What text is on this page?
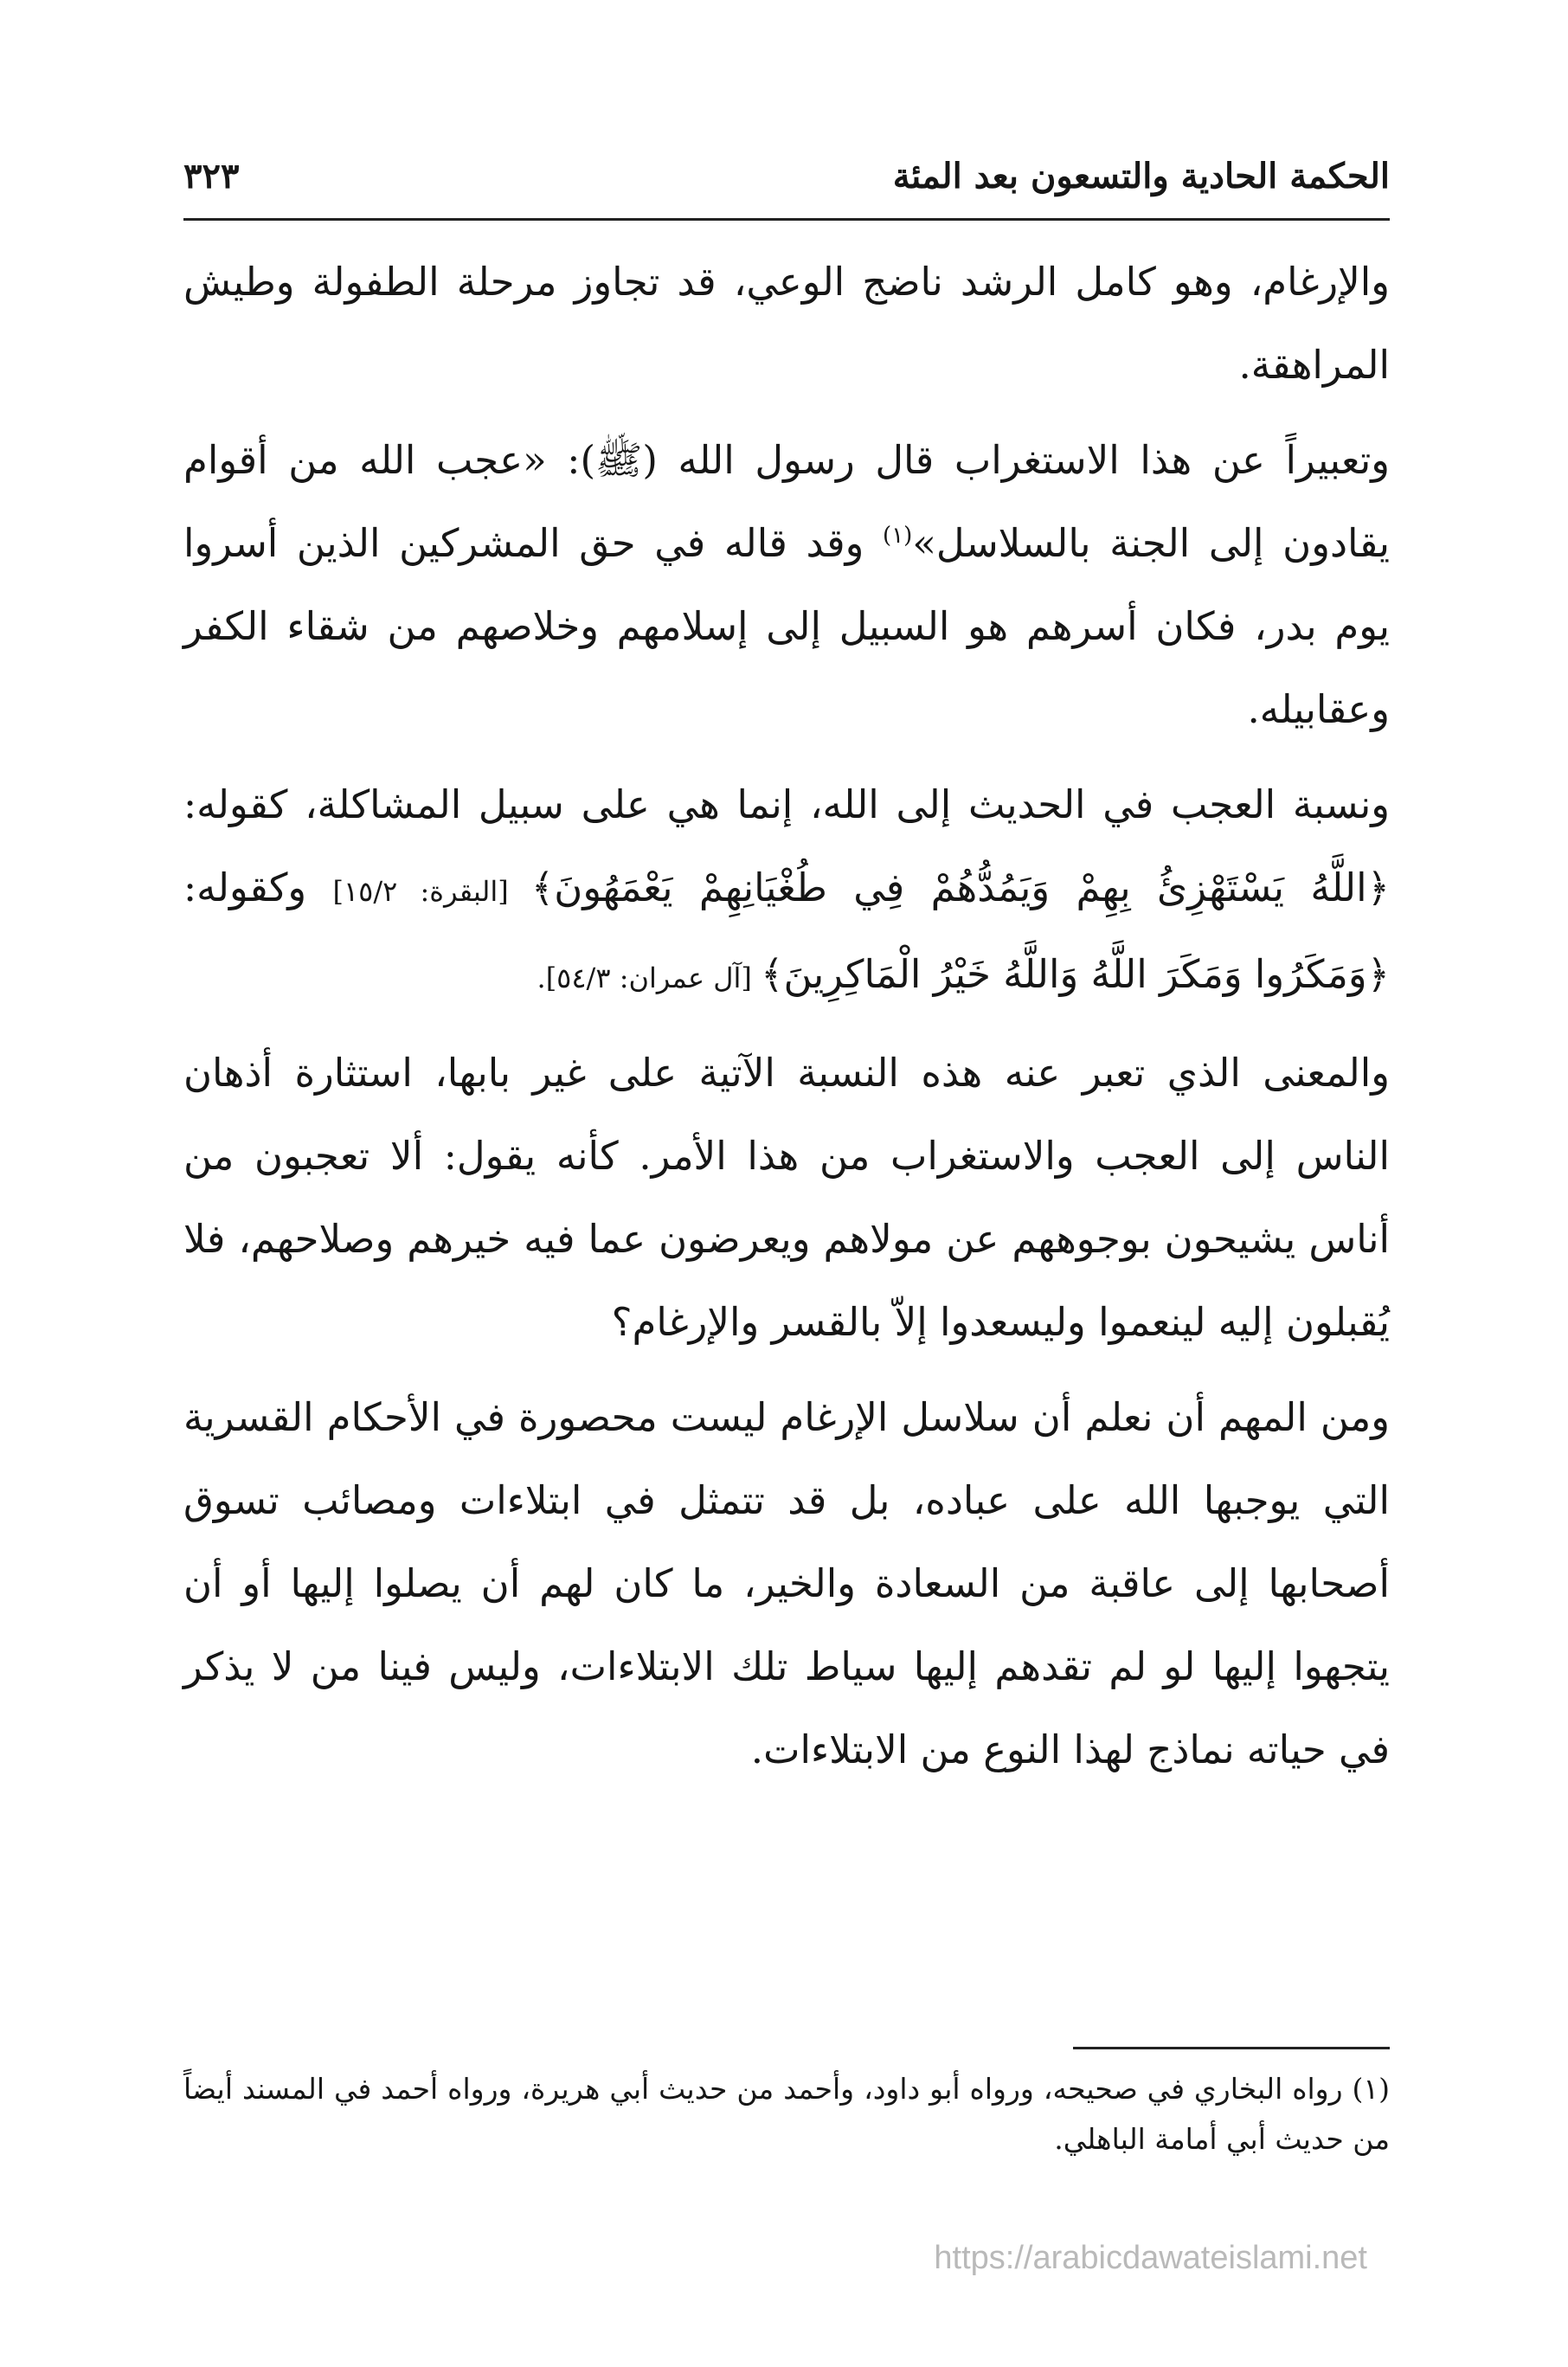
٣٢٣	الحكمة الحادية والتسعون بعد المئة

والإرغام، وهو كامل الرشد ناضج الوعي، قد تجاوز مرحلة الطفولة وطيش المراهقة.

وتعبيراً عن هذا الاستغراب قال رسول الله (ﷺ): «عجب الله من أقوام يقادون إلى الجنة بالسلاسل»$^{(١)}$ وقد قاله في حق المشركين الذين أسروا يوم بدر، فكان أسرهم هو السبيل إلى إسلامهم وخلاصهم من شقاء الكفر وعقابيله.

ونسبة العجب في الحديث إلى الله، إنما هي على سبيل المشاكلة، كقوله: ﴿اللَّهُ يَسْتَهْزِئُ بِهِمْ وَيَمُدُّهُمْ فِي طُغْيَانِهِمْ يَعْمَهُونَ﴾ [البقرة: ١٥/٢] وكقوله: ﴿وَمَكَرُوا وَمَكَرَ اللَّهُ وَاللَّهُ خَيْرُ الْمَاكِرِينَ﴾ [آل عمران: ٥٤/٣].

والمعنى الذي تعبر عنه هذه النسبة الآتية على غير بابها، استثارة أذهان الناس إلى العجب والاستغراب من هذا الأمر. كأنه يقول: ألا تعجبون من أناس يشيحون بوجوههم عن مولاهم ويعرضون عما فيه خيرهم وصلاحهم، فلا يُقبلون إليه لينعموا وليسعدوا إلاّ بالقسر والإرغام؟

ومن المهم أن نعلم أن سلاسل الإرغام ليست محصورة في الأحكام القسرية التي يوجبها الله على عباده، بل قد تتمثل في ابتلاءات ومصائب تسوق أصحابها إلى عاقبة من السعادة والخير، ما كان لهم أن يصلوا إليها أو أن يتجهوا إليها لو لم تقدهم إليها سياط تلك الابتلاءات، وليس فينا من لا يذكر في حياته نماذج لهذا النوع من الابتلاءات.

(١) رواه البخاري في صحيحه، ورواه أبو داود، وأحمد من حديث أبي هريرة، ورواه أحمد في المسند أيضاً من حديث أبي أمامة الباهلي.

https://arabicdawateislami.net
